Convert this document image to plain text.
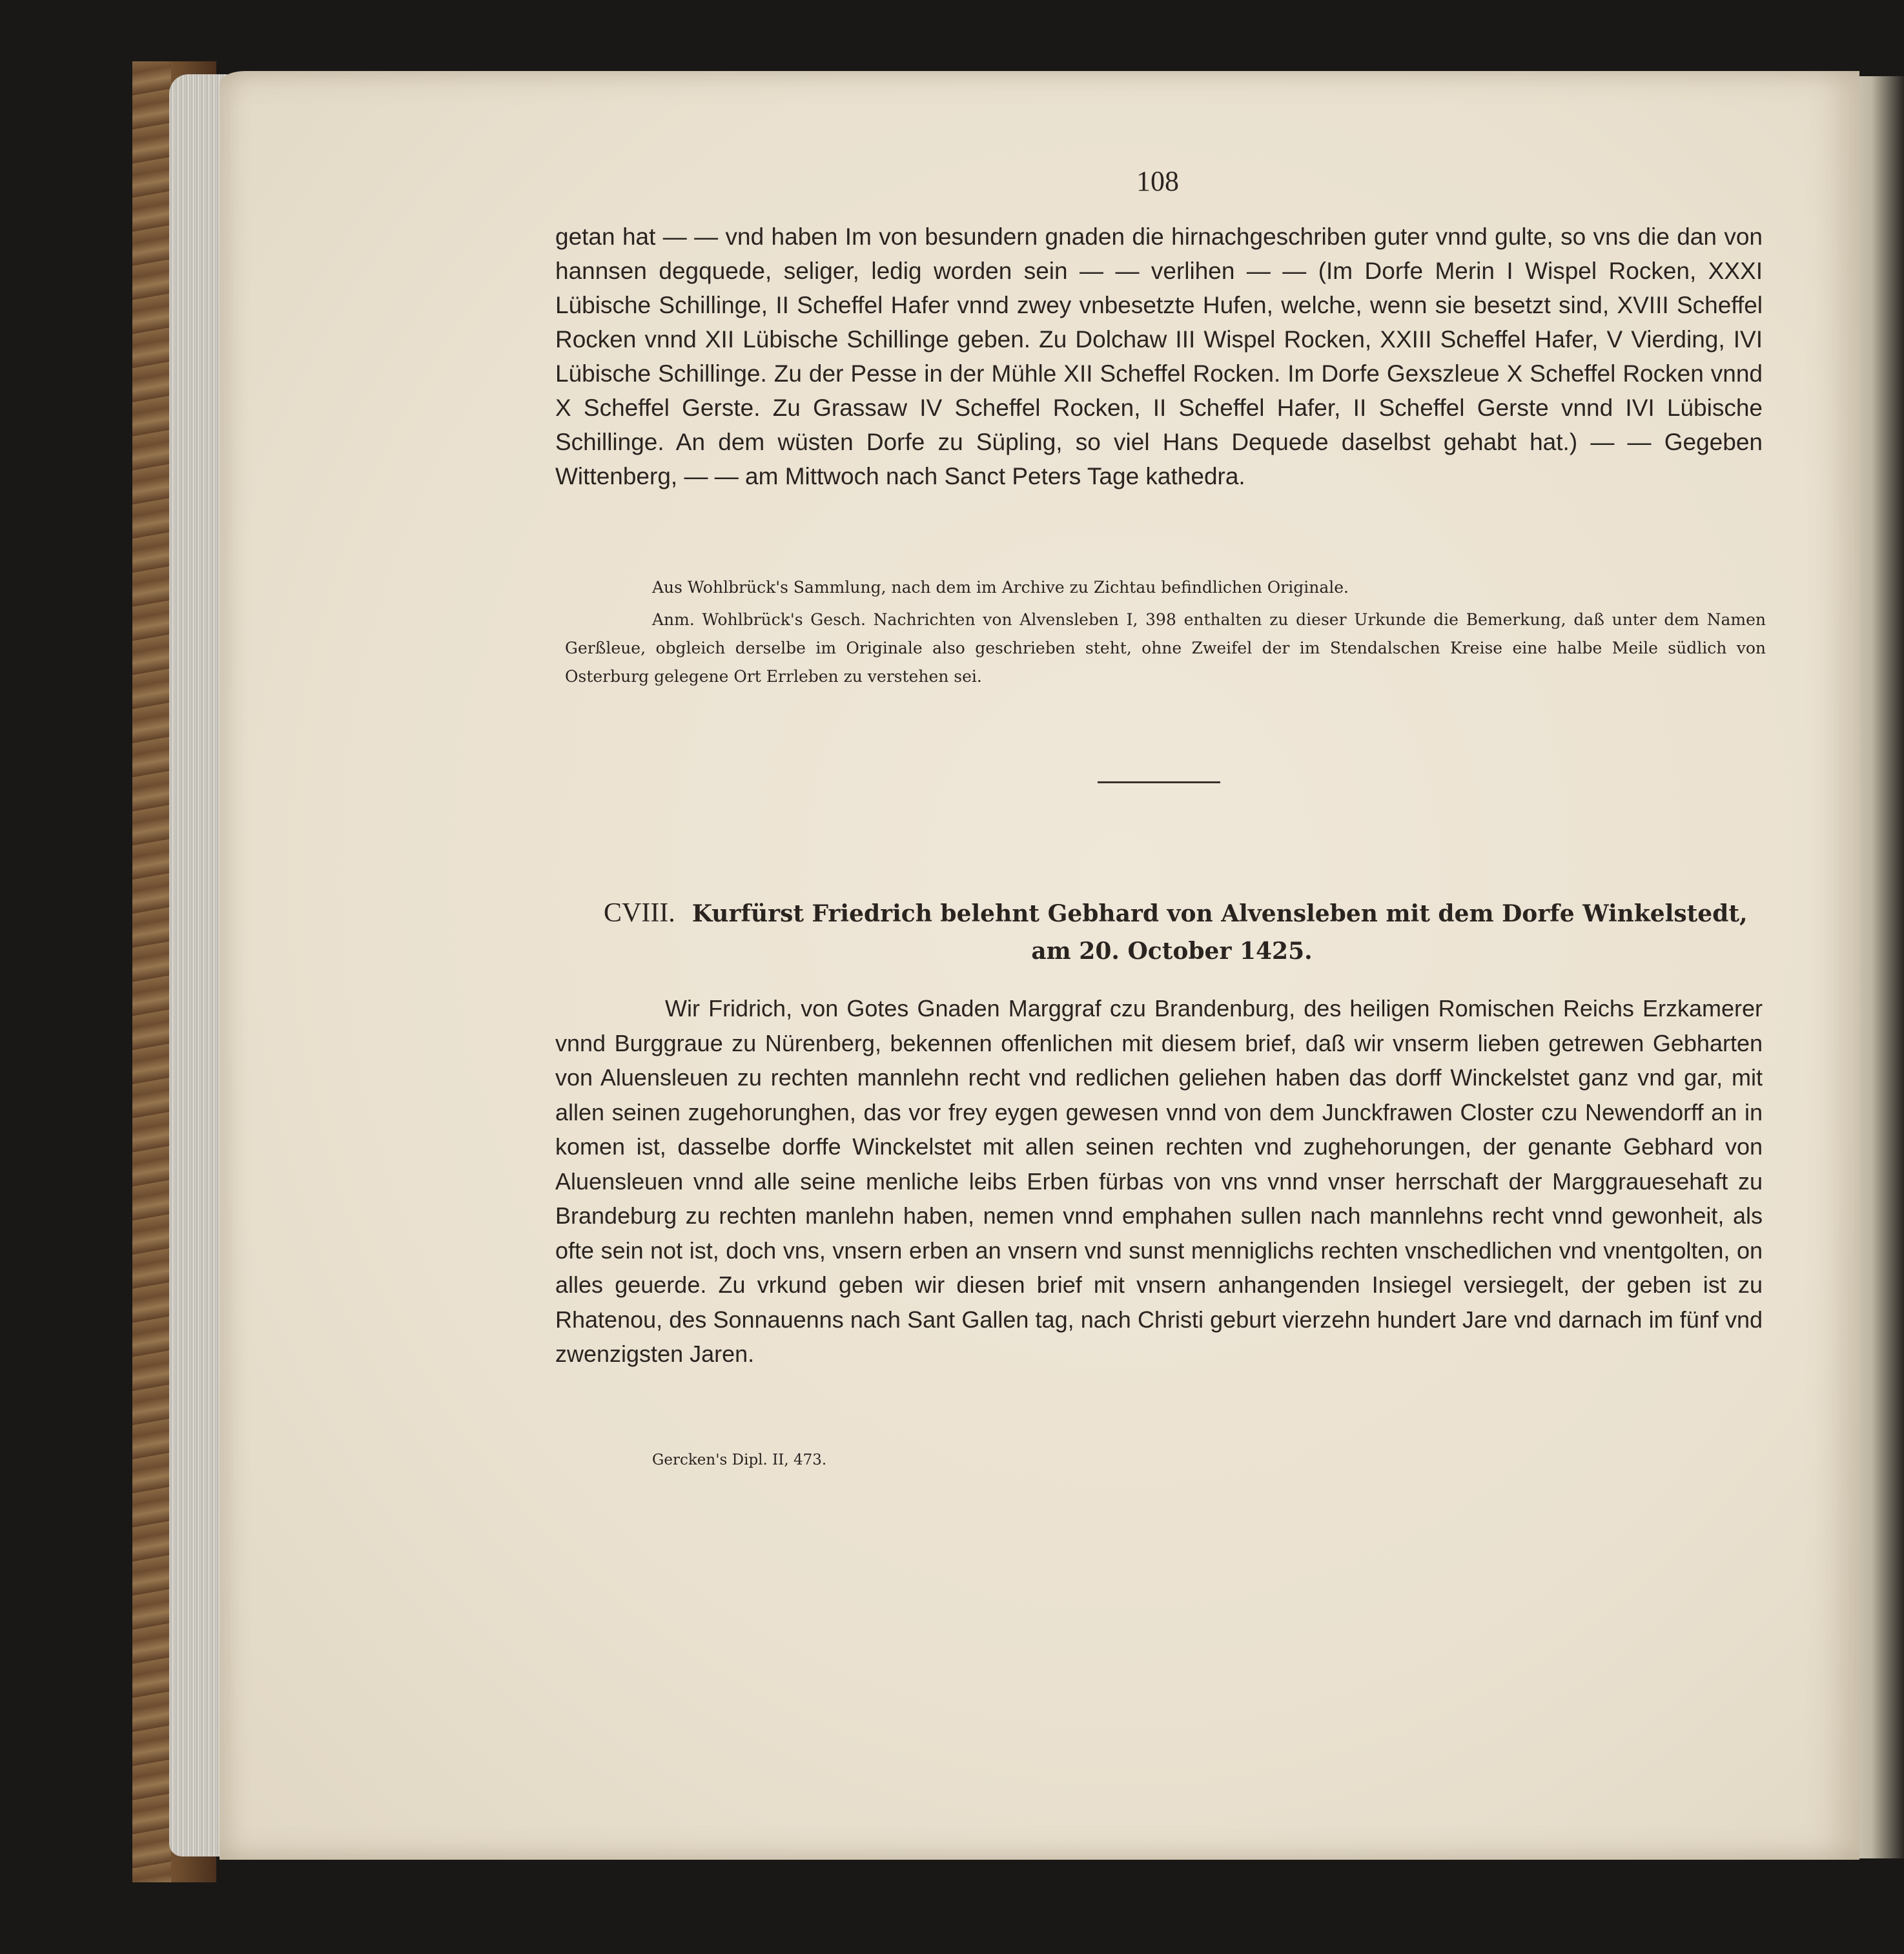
108
getan hat — — vnd haben Im von besundern gnaden die hirnachgeschriben guter vnnd gulte, so vns die dan von hannsen degquede, seliger, ledig worden sein — — verlihen — — (Im Dorfe Merin I Wispel Rocken, XXXI Lübische Schillinge, II Scheffel Hafer vnnd zwey vnbesetzte Hufen, welche, wenn sie besetzt sind, XVIII Scheffel Rocken vnnd XII Lübische Schillinge geben. Zu Dolchaw III Wispel Rocken, XXIII Scheffel Hafer, V Vierding, IVI Lübische Schillinge. Zu der Pesse in der Mühle XII Scheffel Rocken. Im Dorfe Gexszleue X Scheffel Rocken vnnd X Scheffel Gerste. Zu Grassaw IV Scheffel Rocken, II Scheffel Hafer, II Scheffel Gerste vnnd IVI Lübische Schillinge. An dem wüsten Dorfe zu Süpling, so viel Hans Dequede daselbst gehabt hat.) — — Gegeben Wittenberg, — — am Mittwoch nach Sanct Peters Tage kathedra.
Aus Wohlbrück's Sammlung, nach dem im Archive zu Zichtau befindlichen Originale.
Anm. Wohlbrück's Gesch. Nachrichten von Alvensleben I, 398 enthalten zu dieser Urkunde die Bemerkung, daß unter dem Namen Gerßleue, obgleich derselbe im Originale also geschrieben steht, ohne Zweifel der im Stendalschen Kreise eine halbe Meile südlich von Osterburg gelegene Ort Errleben zu verstehen sei.
CVIII. Kurfürst Friedrich belehnt Gebhard von Alvensleben mit dem Dorfe Winkelstedt,
am 20. October 1425.
Wir Fridrich, von Gotes Gnaden Marggraf czu Brandenburg, des heiligen Romischen Reichs Erzkamerer vnnd Burggraue zu Nürenberg, bekennen offenlichen mit diesem brief, daß wir vnserm lieben getrewen Gebharten von Aluensleuen zu rechten mannlehn recht vnd redlichen geliehen haben das dorff Winckelstet ganz vnd gar, mit allen seinen zugehorunghen, das vor frey eygen gewesen vnnd von dem Junckfrawen Closter czu Newendorff an in komen ist, dasselbe dorffe Winckelstet mit allen seinen rechten vnd zughehorungen, der genante Gebhard von Aluensleuen vnnd alle seine menliche leibs Erben fürbas von vns vnnd vnser herrschaft der Marggrauesehaft zu Brandeburg zu rechten manlehn haben, nemen vnnd emphahen sullen nach mannlehns recht vnnd gewonheit, als ofte sein not ist, doch vns, vnsern erben an vnsern vnd sunst menniglichs rechten vnschedlichen vnd vnentgolten, on alles geuerde. Zu vrkund geben wir diesen brief mit vnsern anhangenden Insiegel versiegelt, der geben ist zu Rhatenou, des Sonnauenns nach Sant Gallen tag, nach Christi geburt vierzehn hundert Jare vnd darnach im fünf vnd zwenzigsten Jaren.
Gercken's Dipl. II, 473.
